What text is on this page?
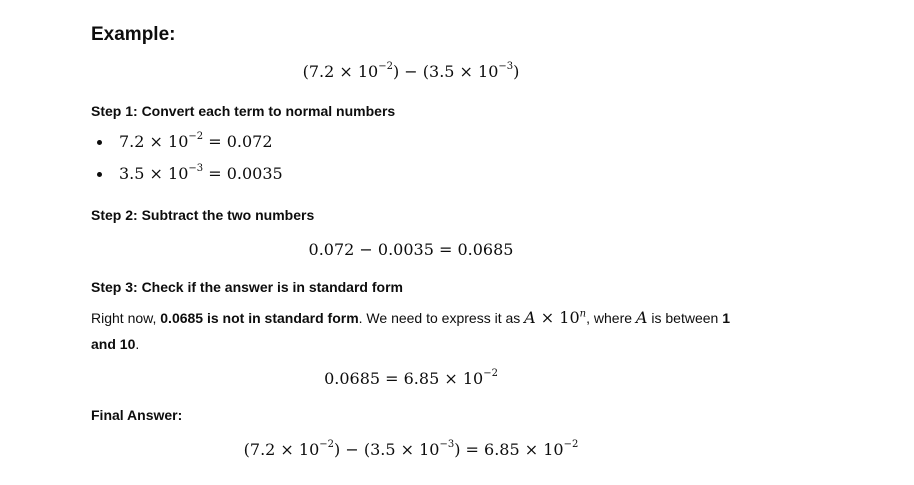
Example:
$(7.2 \times 10^{-2}) - (3.5 \times 10^{-3})$
Step 1: Convert each term to normal numbers
$7.2 \times 10^{-2} = 0.072$
$3.5 \times 10^{-3} = 0.0035$
Step 2: Subtract the two numbers
0.072 − 0.0035 = 0.0685
Step 3: Check if the answer is in standard form

Right now, 0.0685 is not in standard form. We need to express it as $A \times 10^n$, where A is between 1 and 10.

$0.0685 = 6.85 \times 10^{-2}$
Final Answer:
$(7.2 \times 10^{-2}) - (3.5 \times 10^{-3}) = 6.85 \times 10^{-2}$
